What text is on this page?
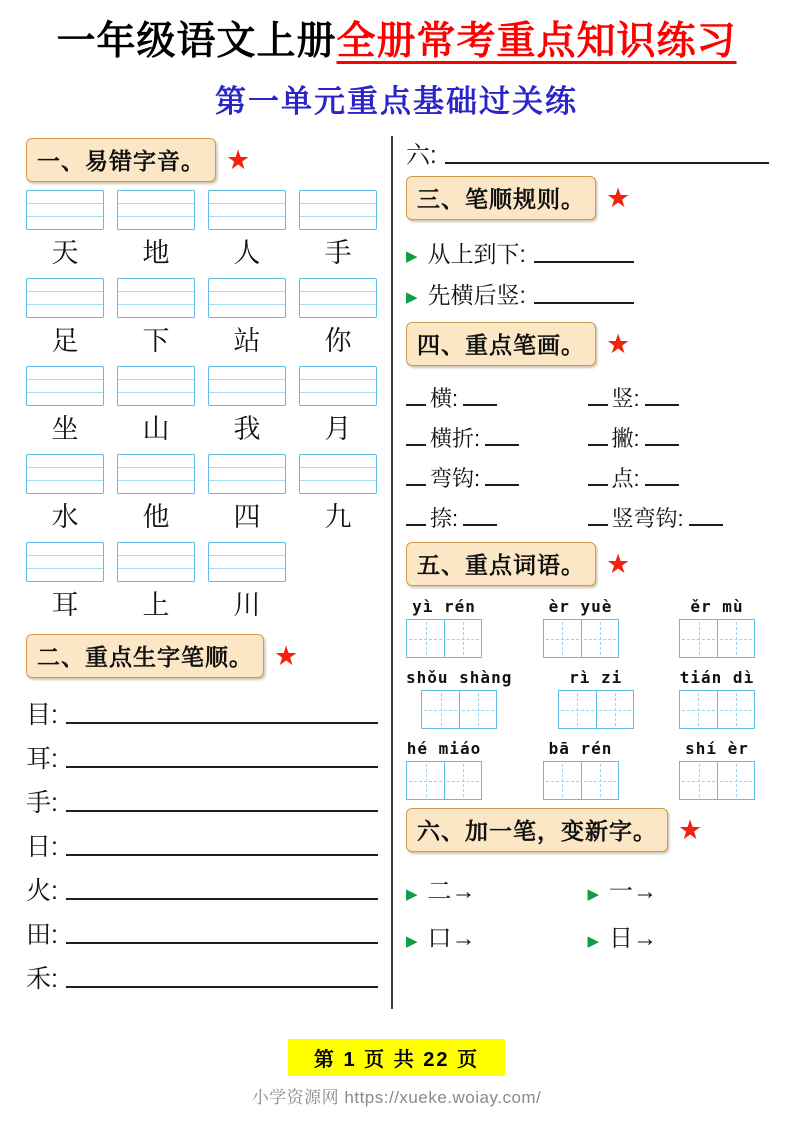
一年级语文上册全册常考重点知识练习
第一单元重点基础过关练
一、易错字音。 ★
天	地	人	手
足	下	站	你
坐	山	我	月
水	他	四	九
耳	上	川
二、重点生字笔顺。 ★
目:
耳:
手:
日:
火:
田:
禾:
六:
三、笔顺规则。 ★
▶ 从上到下:
▶ 先横后竖:
四、重点笔画。 ★
横:	竖:
横折:	撇:
弯钩:	点:
捺:	竖弯钩:
五、重点词语。 ★
yì rén	èr yuè	ěr mù
shǒu shàng	rì zi	tián dì
hé miáo	bā rén	shí èr
六、加一笔，变新字。 ★
▶ 二→	▶ 一→
▶ 口→	▶ 日→
第 1 页 共 22 页
小学资源网 https://xueke.woiay.com/
